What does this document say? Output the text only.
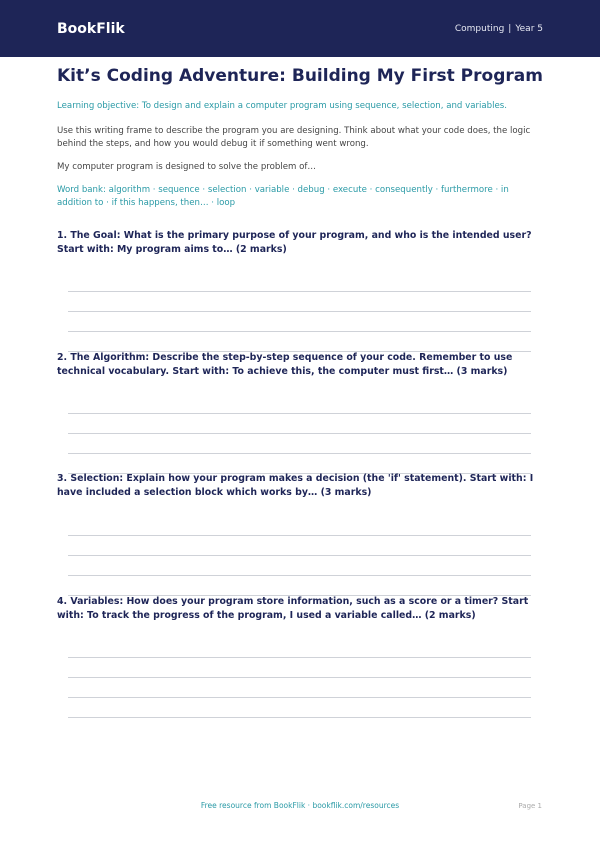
BookFlik	Computing | Year 5
Kit’s Coding Adventure: Building My First Program
Learning objective: To design and explain a computer program using sequence, selection, and variables.
Use this writing frame to describe the program you are designing. Think about what your code does, the logic behind the steps, and how you would debug it if something went wrong.
My computer program is designed to solve the problem of…
Word bank: algorithm · sequence · selection · variable · debug · execute · consequently · furthermore · in addition to · if this happens, then… · loop
1. The Goal: What is the primary purpose of your program, and who is the intended user? Start with: My program aims to… (2 marks)
2. The Algorithm: Describe the step-by-step sequence of your code. Remember to use technical vocabulary. Start with: To achieve this, the computer must first… (3 marks)
3. Selection: Explain how your program makes a decision (the 'if' statement). Start with: I have included a selection block which works by… (3 marks)
4. Variables: How does your program store information, such as a score or a timer? Start with: To track the progress of the program, I used a variable called… (2 marks)
Free resource from BookFlik · bookflik.com/resources	Page 1
